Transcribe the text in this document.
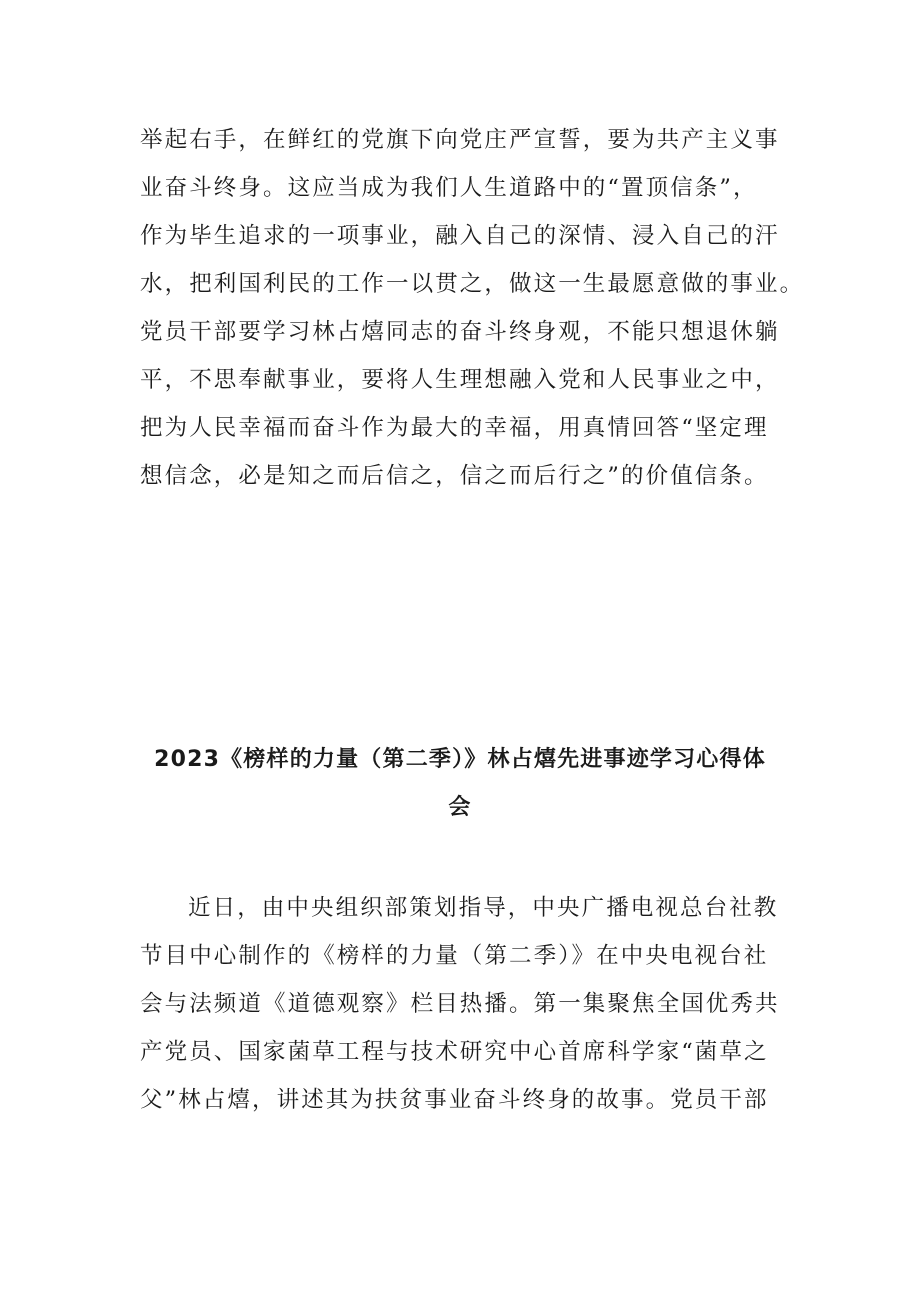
举起右手，在鲜红的党旗下向党庄严宣誓，要为共产主义事
业奋斗终身。这应当成为我们人生道路中的“置顶信条”，
作为毕生追求的一项事业，融入自己的深情、浸入自己的汗
水，把利国利民的工作一以贯之，做这一生最愿意做的事业。
党员干部要学习林占熺同志的奋斗终身观，不能只想退休躺
平，不思奉献事业，要将人生理想融入党和人民事业之中，
把为人民幸福而奋斗作为最大的幸福，用真情回答“坚定理
想信念，必是知之而后信之，信之而后行之”的价值信条。
2023《榜样的力量（第二季）》林占熺先进事迹学习心得体
会
近日，由中央组织部策划指导，中央广播电视总台社教
节目中心制作的《榜样的力量（第二季）》在中央电视台社
会与法频道《道德观察》栏目热播。第一集聚焦全国优秀共
产党员、国家菌草工程与技术研究中心首席科学家“菌草之
父”林占熺，讲述其为扶贫事业奋斗终身的故事。党员干部
